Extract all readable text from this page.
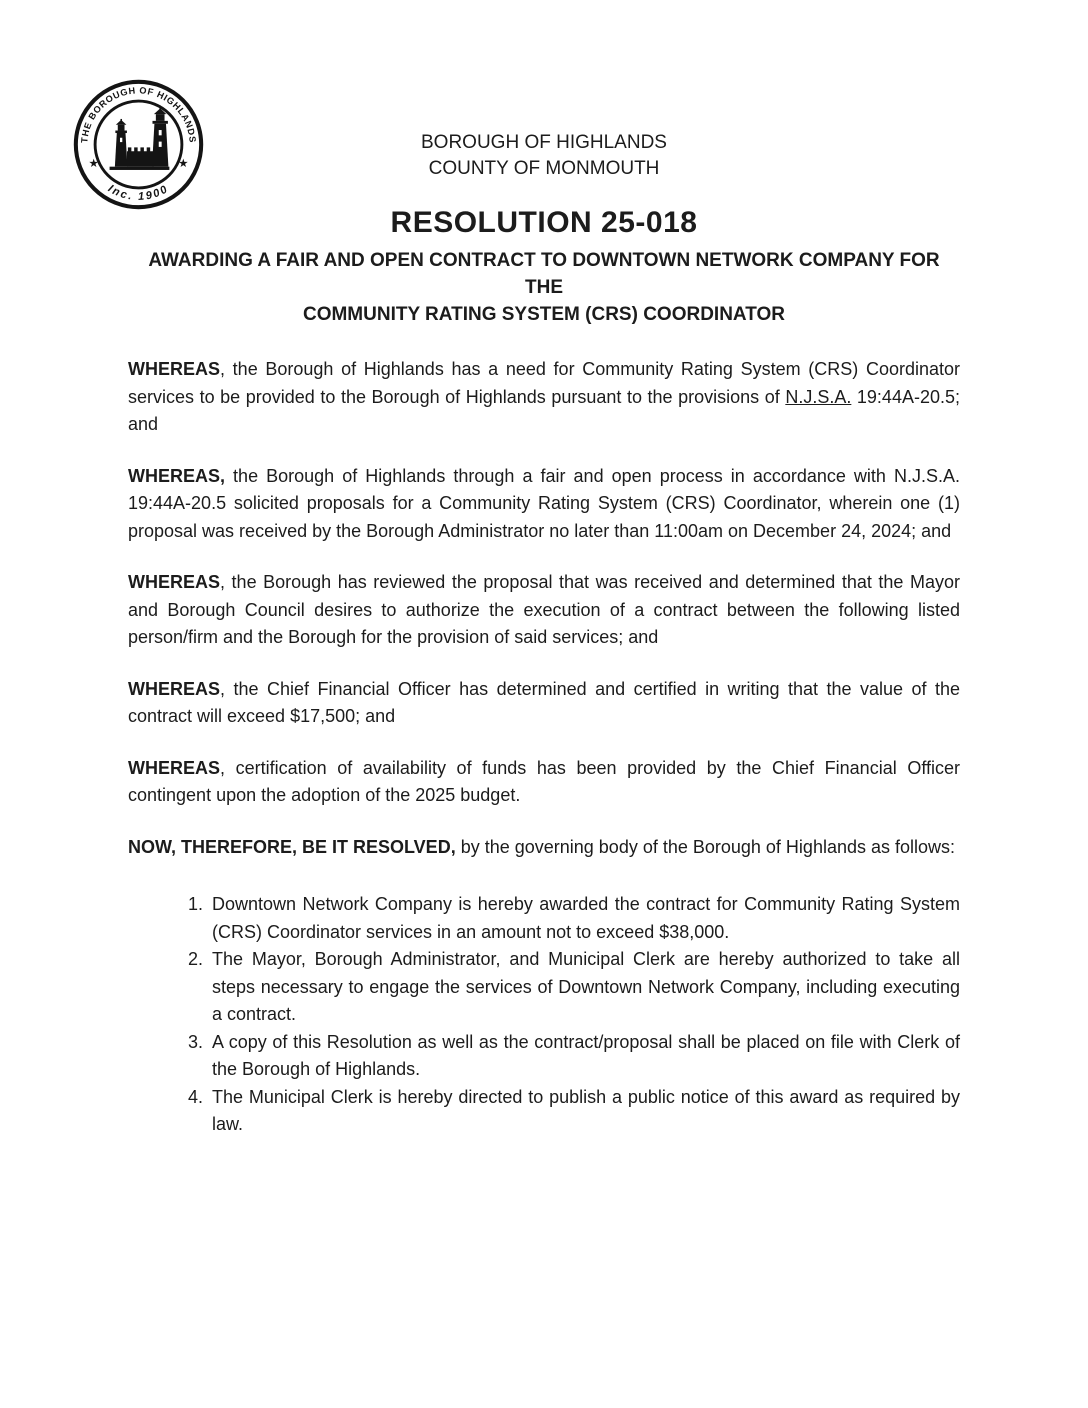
THE BOROUGH OF HIGHLANDS
Inc. 1900
★	★
BOROUGH OF HIGHLANDS
COUNTY OF MONMOUTH
RESOLUTION 25-018
AWARDING A FAIR AND OPEN CONTRACT TO DOWNTOWN NETWORK COMPANY FOR THE
COMMUNITY RATING SYSTEM (CRS) COORDINATOR

WHEREAS, the Borough of Highlands has a need for Community Rating System (CRS) Coordinator services to be provided to the Borough of Highlands pursuant to the provisions of N.J.S.A. 19:44A-20.5; and

WHEREAS, the Borough of Highlands through a fair and open process in accordance with N.J.S.A. 19:44A-20.5 solicited proposals for a Community Rating System (CRS) Coordinator, wherein one (1) proposal was received by the Borough Administrator no later than 11:00am on December 24, 2024; and

WHEREAS, the Borough has reviewed the proposal that was received and determined that the Mayor and Borough Council desires to authorize the execution of a contract between the following listed person/firm and the Borough for the provision of said services; and

WHEREAS, the Chief Financial Officer has determined and certified in writing that the value of the contract will exceed $17,500; and

WHEREAS, certification of availability of funds has been provided by the Chief Financial Officer contingent upon the adoption of the 2025 budget.

NOW, THEREFORE, BE IT RESOLVED, by the governing body of the Borough of Highlands as follows:

1. Downtown Network Company is hereby awarded the contract for Community Rating System (CRS) Coordinator services in an amount not to exceed $38,000.
2. The Mayor, Borough Administrator, and Municipal Clerk are hereby authorized to take all steps necessary to engage the services of Downtown Network Company, including executing a contract.
3. A copy of this Resolution as well as the contract/proposal shall be placed on file with Clerk of the Borough of Highlands.
4. The Municipal Clerk is hereby directed to publish a public notice of this award as required by law.
